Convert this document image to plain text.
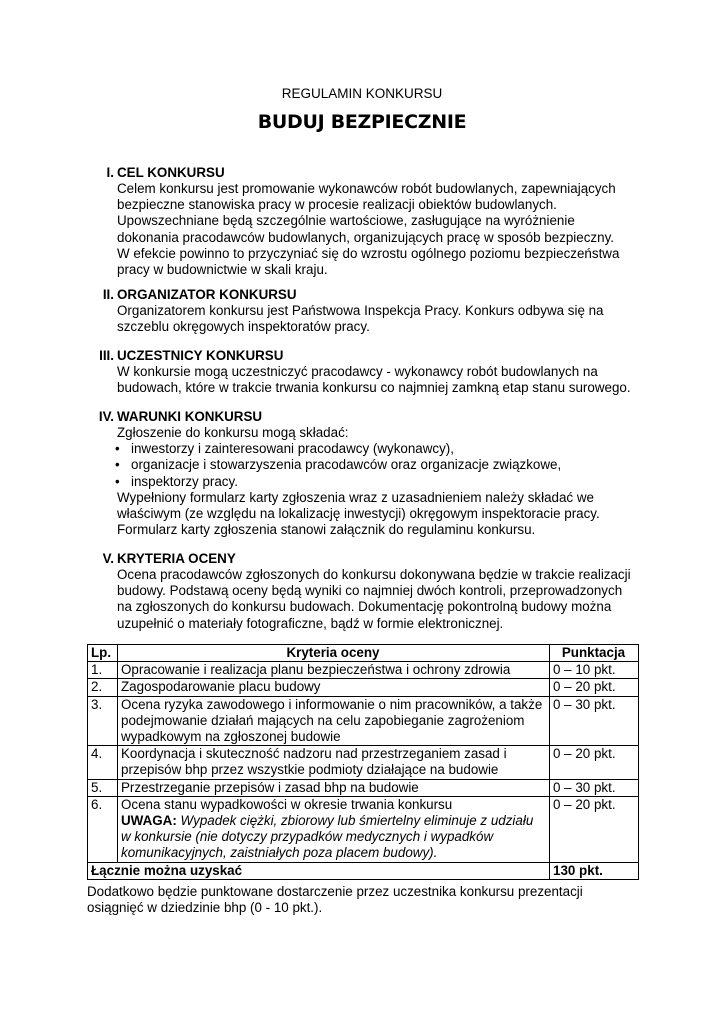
REGULAMIN KONKURSU
BUDUJ BEZPIECZNIE
I. CEL KONKURSU
Celem konkursu jest promowanie wykonawców robót budowlanych, zapewniających
bezpieczne stanowiska pracy w procesie realizacji obiektów budowlanych.
Upowszechniane będą szczególnie wartościowe, zasługujące na wyróżnienie
dokonania pracodawców budowlanych, organizujących pracę w sposób bezpieczny.
W efekcie powinno to przyczyniać się do wzrostu ogólnego poziomu bezpieczeństwa
pracy w budownictwie w skali kraju.
II. ORGANIZATOR KONKURSU
Organizatorem konkursu jest Państwowa Inspekcja Pracy. Konkurs odbywa się na
szczeblu okręgowych inspektoratów pracy.
III. UCZESTNICY KONKURSU
W konkursie mogą uczestniczyć pracodawcy - wykonawcy robót budowlanych na
budowach, które w trakcie trwania konkursu co najmniej zamkną etap stanu surowego.
IV. WARUNKI KONKURSU
Zgłoszenie do konkursu mogą składać:
• inwestorzy i zainteresowani pracodawcy (wykonawcy),
• organizacje i stowarzyszenia pracodawców oraz organizacje związkowe,
• inspektorzy pracy.
Wypełniony formularz karty zgłoszenia wraz z uzasadnieniem należy składać we
właściwym (ze względu na lokalizację inwestycji) okręgowym inspektoracie pracy.
Formularz karty zgłoszenia stanowi załącznik do regulaminu konkursu.
V. KRYTERIA OCENY
Ocena pracodawców zgłoszonych do konkursu dokonywana będzie w trakcie realizacji
budowy. Podstawą oceny będą wyniki co najmniej dwóch kontroli, przeprowadzonych
na zgłoszonych do konkursu budowach. Dokumentację pokontrolną budowy można
uzupełnić o materiały fotograficzne, bądź w formie elektronicznej.
Lp.	Kryteria oceny	Punktacja
1.	Opracowanie i realizacja planu bezpieczeństwa i ochrony zdrowia	0 – 10 pkt.
2.	Zagospodarowanie placu budowy	0 – 20 pkt.
3.	Ocena ryzyka zawodowego i informowanie o nim pracowników, a także
podejmowanie działań mających na celu zapobieganie zagrożeniom
wypadkowym na zgłoszonej budowie	0 – 30 pkt.
4.	Koordynacja i skuteczność nadzoru nad przestrzeganiem zasad i
przepisów bhp przez wszystkie podmioty działające na budowie	0 – 20 pkt.
5.	Przestrzeganie przepisów i zasad bhp na budowie	0 – 30 pkt.
6.	Ocena stanu wypadkowości w okresie trwania konkursu
UWAGA: Wypadek ciężki, zbiorowy lub śmiertelny eliminuje z udziału
w konkursie (nie dotyczy przypadków medycznych i wypadków
komunikacyjnych, zaistniałych poza placem budowy).	0 – 20 pkt.
Łącznie można uzyskać		130 pkt.
Dodatkowo będzie punktowane dostarczenie przez uczestnika konkursu prezentacji
osiągnięć w dziedzinie bhp (0 - 10 pkt.).
